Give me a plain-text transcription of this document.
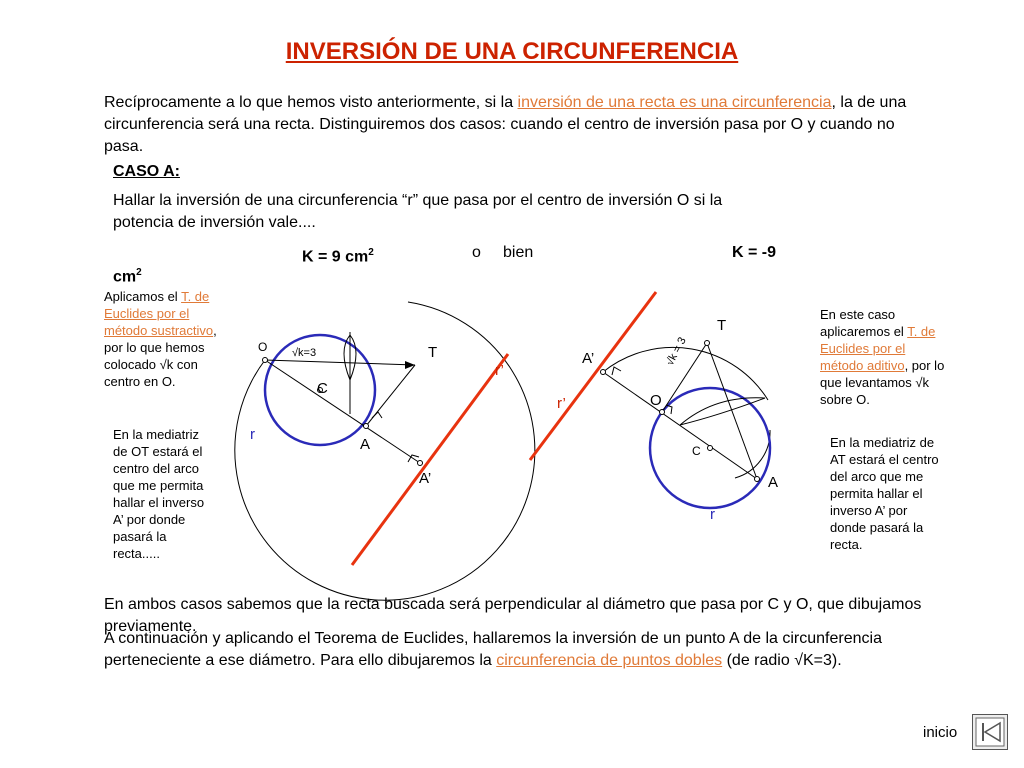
INVERSIÓN DE UNA CIRCUNFERENCIA
Recíprocamente a lo que hemos visto anteriormente, si la inversión de una recta es una circunferencia, la de una
circunferencia será una recta. Distinguiremos dos casos: cuando el centro de inversión pasa por O y cuando no
pasa.
CASO A:
Hallar la inversión de una circunferencia “r” que pasa por el centro de inversión O si la
potencia de inversión vale....
K = 9 $cm^2$	o bien	K = -9
$cm^2$
Aplicamos el T. de
Euclides por el
método sustractivo,
por lo que hemos
colocado √k con
centro en O.
En la mediatriz
de OT estará el
centro del arco
que me permita
hallar el inverso
A’ por donde
pasará la
recta.....
En este caso
aplicaremos el T. de
Euclides por el
método aditivo, por lo
que levantamos √k
sobre O.
En la mediatriz de
AT estará el centro
del arco que me
permita hallar el
inverso A’ por
donde pasará la
recta.
O √k=3
C
T
A
A’
r
r’
T
A’
r’	O
√k = 3
C
A
r
En ambos casos sabemos que la recta buscada será perpendicular al diámetro que pasa por C y O, que dibujamos
previamente.
A continuación y aplicando el Teorema de Euclides, hallaremos la inversión de un punto A de la circunferencia
perteneciente a ese diámetro. Para ello dibujaremos la circunferencia de puntos dobles (de radio √K=3).
inicio
